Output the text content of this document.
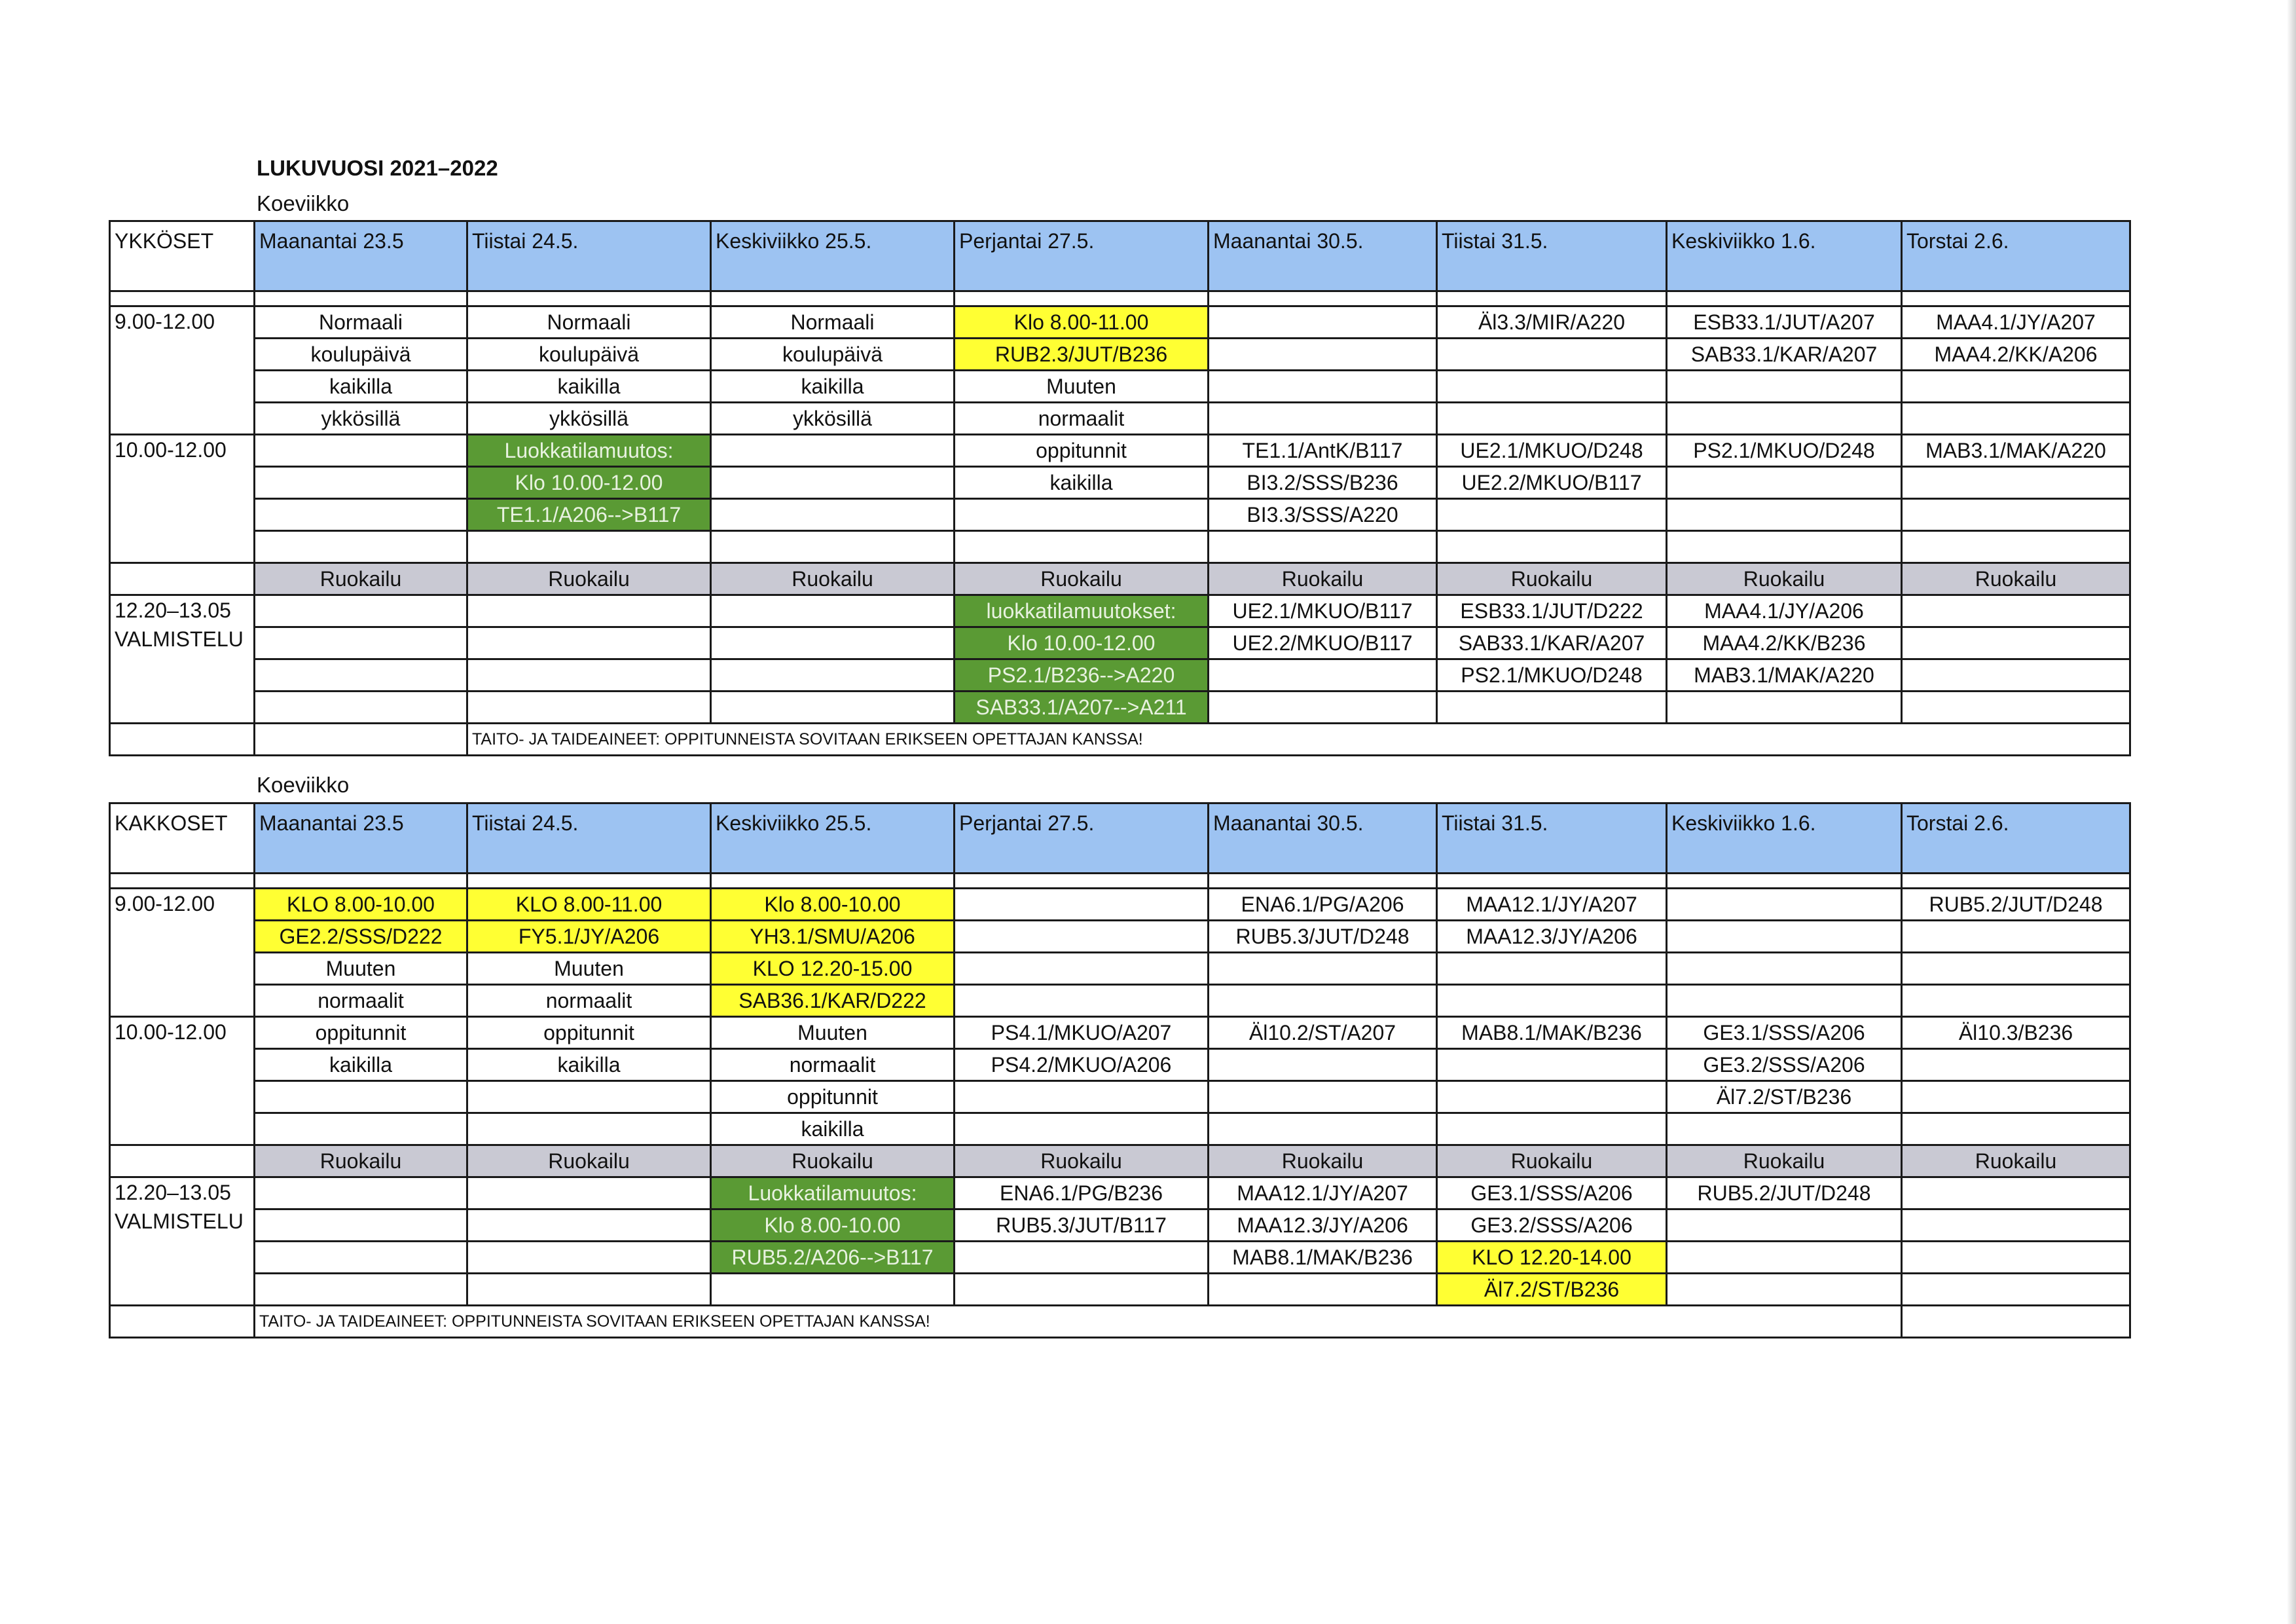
LUKUVUOSI 2021–2022
Koeviikko
Koeviikko
YKKÖSET	Maanantai 23.5	Tiistai 24.5.	Keskiviikko 25.5.	Perjantai 27.5.	Maanantai 30.5.	Tiistai 31.5.	Keskiviikko 1.6.	Torstai 2.6.

9.00-12.00	Normaali	Normaali	Normaali	Klo 8.00-11.00		Äl3.3/MIR/A220	ESB33.1/JUT/A207	MAA4.1/JY/A207
	koulupäivä	koulupäivä	koulupäivä	RUB2.3/JUT/B236			SAB33.1/KAR/A207	MAA4.2/KK/A206
	kaikilla	kaikilla	kaikilla	Muuten				
	ykkösillä	ykkösillä	ykkösillä	normaalit				
10.00-12.00		Luokkatilamuutos:		oppitunnit	TE1.1/AntK/B117	UE2.1/MKUO/D248	PS2.1/MKUO/D248	MAB3.1/MAK/A220
		Klo 10.00-12.00		kaikilla	BI3.2/SSS/B236	UE2.2/MKUO/B117		
		TE1.1/A206-->B117			BI3.3/SSS/A220			

	Ruokailu	Ruokailu	Ruokailu	Ruokailu	Ruokailu	Ruokailu	Ruokailu	Ruokailu
12.20–13.05
VALMISTELU				luokkatilamuutokset:	UE2.1/MKUO/B117	ESB33.1/JUT/D222	MAA4.1/JY/A206	
				Klo 10.00-12.00	UE2.2/MKUO/B117	SAB33.1/KAR/A207	MAA4.2/KK/B236	
				PS2.1/B236-->A220		PS2.1/MKUO/D248	MAB3.1/MAK/A220	
				SAB33.1/A207-->A211				
		TAITO- JA TAIDEAINEET: OPPITUNNEISTA SOVITAAN ERIKSEEN OPETTAJAN KANSSA!						
KAKKOSET	Maanantai 23.5	Tiistai 24.5.	Keskiviikko 25.5.	Perjantai 27.5.	Maanantai 30.5.	Tiistai 31.5.	Keskiviikko 1.6.	Torstai 2.6.

9.00-12.00	KLO 8.00-10.00	KLO 8.00-11.00	Klo 8.00-10.00		ENA6.1/PG/A206	MAA12.1/JY/A207		RUB5.2/JUT/D248
	GE2.2/SSS/D222	FY5.1/JY/A206	YH3.1/SMU/A206		RUB5.3/JUT/D248	MAA12.3/JY/A206		
	Muuten	Muuten	KLO 12.20-15.00					
	normaalit	normaalit	SAB36.1/KAR/D222					
10.00-12.00	oppitunnit	oppitunnit	Muuten	PS4.1/MKUO/A207	Äl10.2/ST/A207	MAB8.1/MAK/B236	GE3.1/SSS/A206	Äl10.3/B236
	kaikilla	kaikilla	normaalit	PS4.2/MKUO/A206			GE3.2/SSS/A206	
			oppitunnit				Äl7.2/ST/B236	
			kaikilla					
	Ruokailu	Ruokailu	Ruokailu	Ruokailu	Ruokailu	Ruokailu	Ruokailu	Ruokailu
12.20–13.05
VALMISTELU			Luokkatilamuutos:	ENA6.1/PG/B236	MAA12.1/JY/A207	GE3.1/SSS/A206	RUB5.2/JUT/D248	
			Klo 8.00-10.00	RUB5.3/JUT/B117	MAA12.3/JY/A206	GE3.2/SSS/A206		
			RUB5.2/A206-->B117		MAB8.1/MAK/B236	KLO 12.20-14.00		
						Äl7.2/ST/B236		
	TAITO- JA TAIDEAINEET: OPPITUNNEISTA SOVITAAN ERIKSEEN OPETTAJAN KANSSA!							
